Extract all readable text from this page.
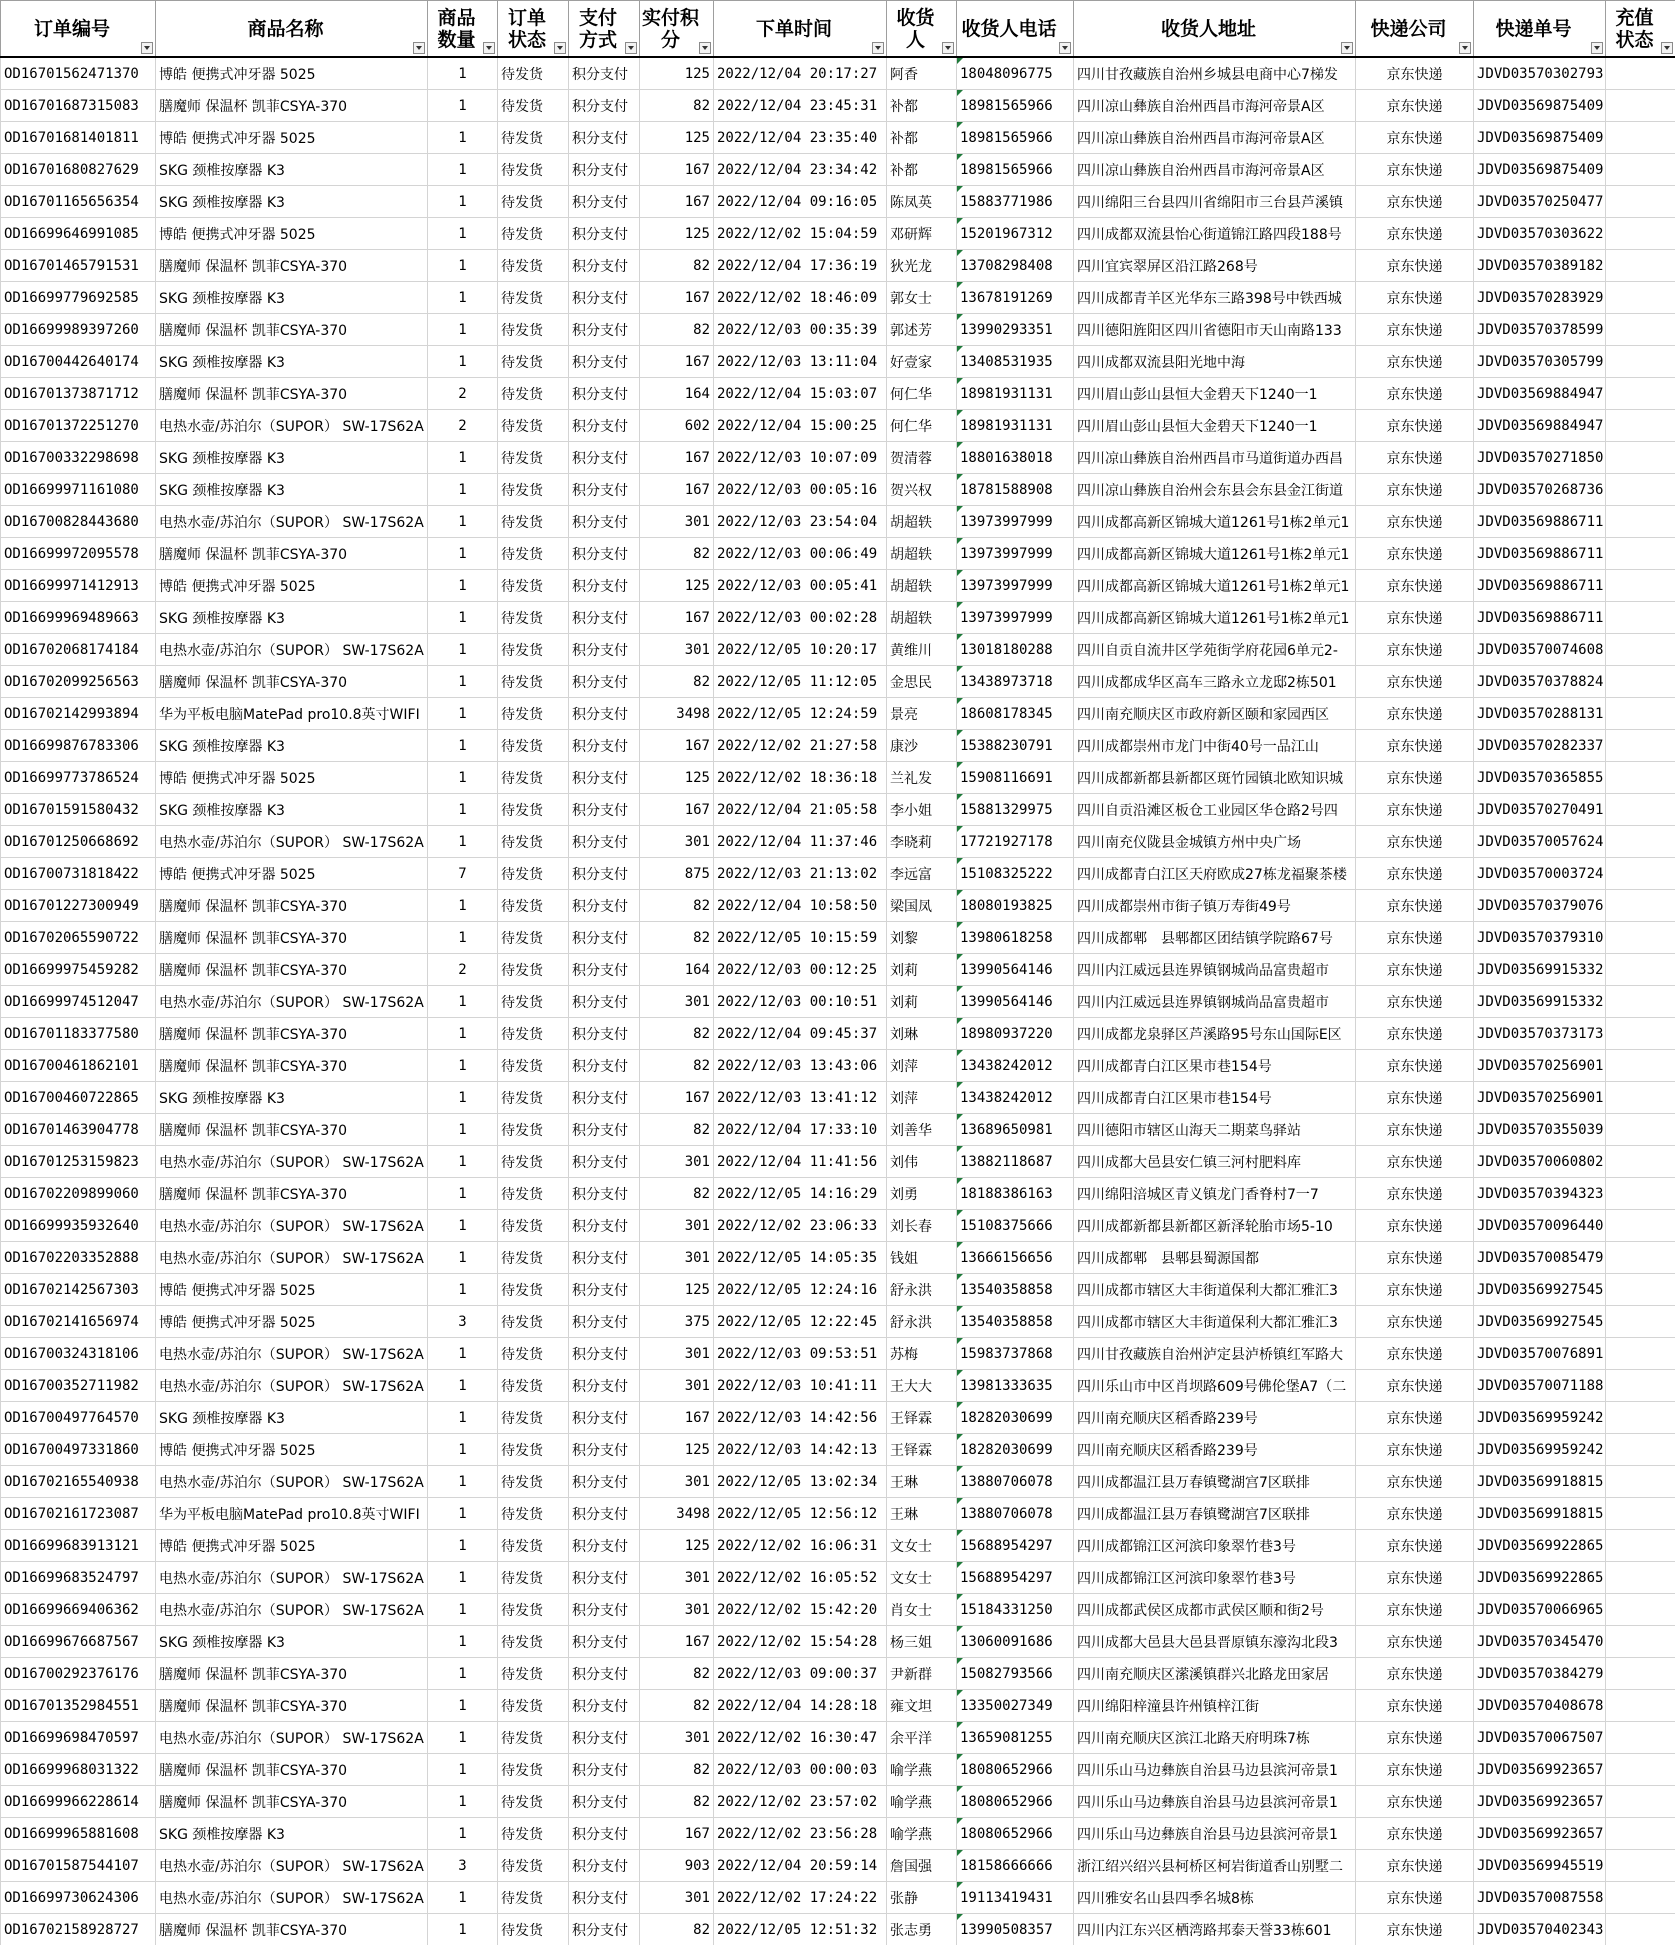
订单编号	商品名称	商品数量	订单状态	支付方式	实付积分	下单时间	收货人	收货人电话	收货人地址	快递公司	快递单号	充值状态

OD16701562471370	博皓 便携式冲牙器 5025	1	待发货	积分支付	125	2022/12/04 20:17:27	阿香	18048096775	四川甘孜藏族自治州乡城县电商中心7梯发	京东快递	JDVD03570302793	
OD16701687315083	膳魔师 保温杯 凯菲CSYA-370	1	待发货	积分支付	82	2022/12/04 23:45:31	补都	18981565966	四川凉山彝族自治州西昌市海河帝景A区	京东快递	JDVD03569875409	
OD16701681401811	博皓 便携式冲牙器 5025	1	待发货	积分支付	125	2022/12/04 23:35:40	补都	18981565966	四川凉山彝族自治州西昌市海河帝景A区	京东快递	JDVD03569875409	
OD16701680827629	SKG 颈椎按摩器 K3	1	待发货	积分支付	167	2022/12/04 23:34:42	补都	18981565966	四川凉山彝族自治州西昌市海河帝景A区	京东快递	JDVD03569875409	
OD16701165656354	SKG 颈椎按摩器 K3	1	待发货	积分支付	167	2022/12/04 09:16:05	陈凤英	15883771986	四川绵阳三台县四川省绵阳市三台县芦溪镇	京东快递	JDVD03570250477	
OD16699646991085	博皓 便携式冲牙器 5025	1	待发货	积分支付	125	2022/12/02 15:04:59	邓研辉	15201967312	四川成都双流县怡心街道锦江路四段188号	京东快递	JDVD03570303622	
OD16701465791531	膳魔师 保温杯 凯菲CSYA-370	1	待发货	积分支付	82	2022/12/04 17:36:19	狄光龙	13708298408	四川宜宾翠屏区沿江路268号	京东快递	JDVD03570389182	
OD16699779692585	SKG 颈椎按摩器 K3	1	待发货	积分支付	167	2022/12/02 18:46:09	郭女士	13678191269	四川成都青羊区光华东三路398号中铁西城	京东快递	JDVD03570283929	
OD16699989397260	膳魔师 保温杯 凯菲CSYA-370	1	待发货	积分支付	82	2022/12/03 00:35:39	郭述芳	13990293351	四川德阳旌阳区四川省德阳市天山南路133	京东快递	JDVD03570378599	
OD16700442640174	SKG 颈椎按摩器 K3	1	待发货	积分支付	167	2022/12/03 13:11:04	好壹家	13408531935	四川成都双流县阳光地中海	京东快递	JDVD03570305799	
OD16701373871712	膳魔师 保温杯 凯菲CSYA-370	2	待发货	积分支付	164	2022/12/04 15:03:07	何仁华	18981931131	四川眉山彭山县恒大金碧天下1240一1	京东快递	JDVD03569884947	
OD16701372251270	电热水壶/苏泊尔（SUPOR） SW-17S62A	2	待发货	积分支付	602	2022/12/04 15:00:25	何仁华	18981931131	四川眉山彭山县恒大金碧天下1240一1	京东快递	JDVD03569884947	
OD16700332298698	SKG 颈椎按摩器 K3	1	待发货	积分支付	167	2022/12/03 10:07:09	贺清蓉	18801638018	四川凉山彝族自治州西昌市马道街道办西昌	京东快递	JDVD03570271850	
OD16699971161080	SKG 颈椎按摩器 K3	1	待发货	积分支付	167	2022/12/03 00:05:16	贺兴权	18781588908	四川凉山彝族自治州会东县会东县金江街道	京东快递	JDVD03570268736	
OD16700828443680	电热水壶/苏泊尔（SUPOR） SW-17S62A	1	待发货	积分支付	301	2022/12/03 23:54:04	胡超轶	13973997999	四川成都高新区锦城大道1261号1栋2单元1	京东快递	JDVD03569886711	
OD16699972095578	膳魔师 保温杯 凯菲CSYA-370	1	待发货	积分支付	82	2022/12/03 00:06:49	胡超轶	13973997999	四川成都高新区锦城大道1261号1栋2单元1	京东快递	JDVD03569886711	
OD16699971412913	博皓 便携式冲牙器 5025	1	待发货	积分支付	125	2022/12/03 00:05:41	胡超轶	13973997999	四川成都高新区锦城大道1261号1栋2单元1	京东快递	JDVD03569886711	
OD16699969489663	SKG 颈椎按摩器 K3	1	待发货	积分支付	167	2022/12/03 00:02:28	胡超轶	13973997999	四川成都高新区锦城大道1261号1栋2单元1	京东快递	JDVD03569886711	
OD16702068174184	电热水壶/苏泊尔（SUPOR） SW-17S62A	1	待发货	积分支付	301	2022/12/05 10:20:17	黄维川	13018180288	四川自贡自流井区学苑街学府花园6单元2-	京东快递	JDVD03570074608	
OD16702099256563	膳魔师 保温杯 凯菲CSYA-370	1	待发货	积分支付	82	2022/12/05 11:12:05	金思民	13438973718	四川成都成华区高车三路永立龙邸2栋501	京东快递	JDVD03570378824	
OD16702142993894	华为平板电脑MatePad pro10.8英寸WIFI	1	待发货	积分支付	3498	2022/12/05 12:24:59	景亮	18608178345	四川南充顺庆区市政府新区颐和家园西区	京东快递	JDVD03570288131	
OD16699876783306	SKG 颈椎按摩器 K3	1	待发货	积分支付	167	2022/12/02 21:27:58	康沙	15388230791	四川成都崇州市龙门中街40号一品江山	京东快递	JDVD03570282337	
OD16699773786524	博皓 便携式冲牙器 5025	1	待发货	积分支付	125	2022/12/02 18:36:18	兰礼发	15908116691	四川成都新都县新都区斑竹园镇北欧知识城	京东快递	JDVD03570365855	
OD16701591580432	SKG 颈椎按摩器 K3	1	待发货	积分支付	167	2022/12/04 21:05:58	李小姐	15881329975	四川自贡沿滩区板仓工业园区华仓路2号四	京东快递	JDVD03570270491	
OD16701250668692	电热水壶/苏泊尔（SUPOR） SW-17S62A	1	待发货	积分支付	301	2022/12/04 11:37:46	李晓莉	17721927178	四川南充仪陇县金城镇方州中央广场	京东快递	JDVD03570057624	
OD16700731818422	博皓 便携式冲牙器 5025	7	待发货	积分支付	875	2022/12/03 21:13:02	李远富	15108325222	四川成都青白江区天府欧成27栋龙福聚茶楼	京东快递	JDVD03570003724	
OD16701227300949	膳魔师 保温杯 凯菲CSYA-370	1	待发货	积分支付	82	2022/12/04 10:58:50	梁国凤	18080193825	四川成都崇州市街子镇万寿街49号	京东快递	JDVD03570379076	
OD16702065590722	膳魔师 保温杯 凯菲CSYA-370	1	待发货	积分支付	82	2022/12/05 10:15:59	刘黎	13980618258	四川成都郫　县郫都区团结镇学院路67号	京东快递	JDVD03570379310	
OD16699975459282	膳魔师 保温杯 凯菲CSYA-370	2	待发货	积分支付	164	2022/12/03 00:12:25	刘莉	13990564146	四川内江威远县连界镇钢城尚品富贵超市	京东快递	JDVD03569915332	
OD16699974512047	电热水壶/苏泊尔（SUPOR） SW-17S62A	1	待发货	积分支付	301	2022/12/03 00:10:51	刘莉	13990564146	四川内江威远县连界镇钢城尚品富贵超市	京东快递	JDVD03569915332	
OD16701183377580	膳魔师 保温杯 凯菲CSYA-370	1	待发货	积分支付	82	2022/12/04 09:45:37	刘琳	18980937220	四川成都龙泉驿区芦溪路95号东山国际E区	京东快递	JDVD03570373173	
OD16700461862101	膳魔师 保温杯 凯菲CSYA-370	1	待发货	积分支付	82	2022/12/03 13:43:06	刘萍	13438242012	四川成都青白江区果市巷154号	京东快递	JDVD03570256901	
OD16700460722865	SKG 颈椎按摩器 K3	1	待发货	积分支付	167	2022/12/03 13:41:12	刘萍	13438242012	四川成都青白江区果市巷154号	京东快递	JDVD03570256901	
OD16701463904778	膳魔师 保温杯 凯菲CSYA-370	1	待发货	积分支付	82	2022/12/04 17:33:10	刘善华	13689650981	四川德阳市辖区山海天二期菜鸟驿站	京东快递	JDVD03570355039	
OD16701253159823	电热水壶/苏泊尔（SUPOR） SW-17S62A	1	待发货	积分支付	301	2022/12/04 11:41:56	刘伟	13882118687	四川成都大邑县安仁镇三河村肥料库	京东快递	JDVD03570060802	
OD16702209899060	膳魔师 保温杯 凯菲CSYA-370	1	待发货	积分支付	82	2022/12/05 14:16:29	刘勇	18188386163	四川绵阳涪城区青义镇龙门香脊村7一7	京东快递	JDVD03570394323	
OD16699935932640	电热水壶/苏泊尔（SUPOR） SW-17S62A	1	待发货	积分支付	301	2022/12/02 23:06:33	刘长春	15108375666	四川成都新都县新都区新泽轮胎市场5-10	京东快递	JDVD03570096440	
OD16702203352888	电热水壶/苏泊尔（SUPOR） SW-17S62A	1	待发货	积分支付	301	2022/12/05 14:05:35	钱姐	13666156656	四川成都郫　县郫县蜀源国都	京东快递	JDVD03570085479	
OD16702142567303	博皓 便携式冲牙器 5025	1	待发货	积分支付	125	2022/12/05 12:24:16	舒永洪	13540358858	四川成都市辖区大丰街道保利大都汇雅汇3	京东快递	JDVD03569927545	
OD16702141656974	博皓 便携式冲牙器 5025	3	待发货	积分支付	375	2022/12/05 12:22:45	舒永洪	13540358858	四川成都市辖区大丰街道保利大都汇雅汇3	京东快递	JDVD03569927545	
OD16700324318106	电热水壶/苏泊尔（SUPOR） SW-17S62A	1	待发货	积分支付	301	2022/12/03 09:53:51	苏梅	15983737868	四川甘孜藏族自治州泸定县泸桥镇红军路大	京东快递	JDVD03570076891	
OD16700352711982	电热水壶/苏泊尔（SUPOR） SW-17S62A	1	待发货	积分支付	301	2022/12/03 10:41:11	王大大	13981333635	四川乐山市中区肖坝路609号佛伦堡A7（二	京东快递	JDVD03570071188	
OD16700497764570	SKG 颈椎按摩器 K3	1	待发货	积分支付	167	2022/12/03 14:42:56	王铎霖	18282030699	四川南充顺庆区稻香路239号	京东快递	JDVD03569959242	
OD16700497331860	博皓 便携式冲牙器 5025	1	待发货	积分支付	125	2022/12/03 14:42:13	王铎霖	18282030699	四川南充顺庆区稻香路239号	京东快递	JDVD03569959242	
OD16702165540938	电热水壶/苏泊尔（SUPOR） SW-17S62A	1	待发货	积分支付	301	2022/12/05 13:02:34	王琳	13880706078	四川成都温江县万春镇鹭湖宫7区联排	京东快递	JDVD03569918815	
OD16702161723087	华为平板电脑MatePad pro10.8英寸WIFI	1	待发货	积分支付	3498	2022/12/05 12:56:12	王琳	13880706078	四川成都温江县万春镇鹭湖宫7区联排	京东快递	JDVD03569918815	
OD16699683913121	博皓 便携式冲牙器 5025	1	待发货	积分支付	125	2022/12/02 16:06:31	文女士	15688954297	四川成都锦江区河滨印象翠竹巷3号	京东快递	JDVD03569922865	
OD16699683524797	电热水壶/苏泊尔（SUPOR） SW-17S62A	1	待发货	积分支付	301	2022/12/02 16:05:52	文女士	15688954297	四川成都锦江区河滨印象翠竹巷3号	京东快递	JDVD03569922865	
OD16699669406362	电热水壶/苏泊尔（SUPOR） SW-17S62A	1	待发货	积分支付	301	2022/12/02 15:42:20	肖女士	15184331250	四川成都武侯区成都市武侯区顺和街2号	京东快递	JDVD03570066965	
OD16699676687567	SKG 颈椎按摩器 K3	1	待发货	积分支付	167	2022/12/02 15:54:28	杨三姐	13060091686	四川成都大邑县大邑县晋原镇东濠沟北段3	京东快递	JDVD03570345470	
OD16700292376176	膳魔师 保温杯 凯菲CSYA-370	1	待发货	积分支付	82	2022/12/03 09:00:37	尹新群	15082793566	四川南充顺庆区潆溪镇群兴北路龙田家居	京东快递	JDVD03570384279	
OD16701352984551	膳魔师 保温杯 凯菲CSYA-370	1	待发货	积分支付	82	2022/12/04 14:28:18	雍文坦	13350027349	四川绵阳梓潼县许州镇梓江街	京东快递	JDVD03570408678	
OD16699698470597	电热水壶/苏泊尔（SUPOR） SW-17S62A	1	待发货	积分支付	301	2022/12/02 16:30:47	余平洋	13659081255	四川南充顺庆区滨江北路天府明珠7栋	京东快递	JDVD03570067507	
OD16699968031322	膳魔师 保温杯 凯菲CSYA-370	1	待发货	积分支付	82	2022/12/03 00:00:03	喻学燕	18080652966	四川乐山马边彝族自治县马边县滨河帝景1	京东快递	JDVD03569923657	
OD16699966228614	膳魔师 保温杯 凯菲CSYA-370	1	待发货	积分支付	82	2022/12/02 23:57:02	喻学燕	18080652966	四川乐山马边彝族自治县马边县滨河帝景1	京东快递	JDVD03569923657	
OD16699965881608	SKG 颈椎按摩器 K3	1	待发货	积分支付	167	2022/12/02 23:56:28	喻学燕	18080652966	四川乐山马边彝族自治县马边县滨河帝景1	京东快递	JDVD03569923657	
OD16701587544107	电热水壶/苏泊尔（SUPOR） SW-17S62A	3	待发货	积分支付	903	2022/12/04 20:59:14	詹国强	18158666666	浙江绍兴绍兴县柯桥区柯岩街道香山别墅二	京东快递	JDVD03569945519	
OD16699730624306	电热水壶/苏泊尔（SUPOR） SW-17S62A	1	待发货	积分支付	301	2022/12/02 17:24:22	张静	19113419431	四川雅安名山县四季名城8栋	京东快递	JDVD03570087558	
OD16702158928727	膳魔师 保温杯 凯菲CSYA-370	1	待发货	积分支付	82	2022/12/05 12:51:32	张志勇	13990508357	四川内江东兴区栖湾路邦泰天誉33栋601	京东快递	JDVD03570402343	
